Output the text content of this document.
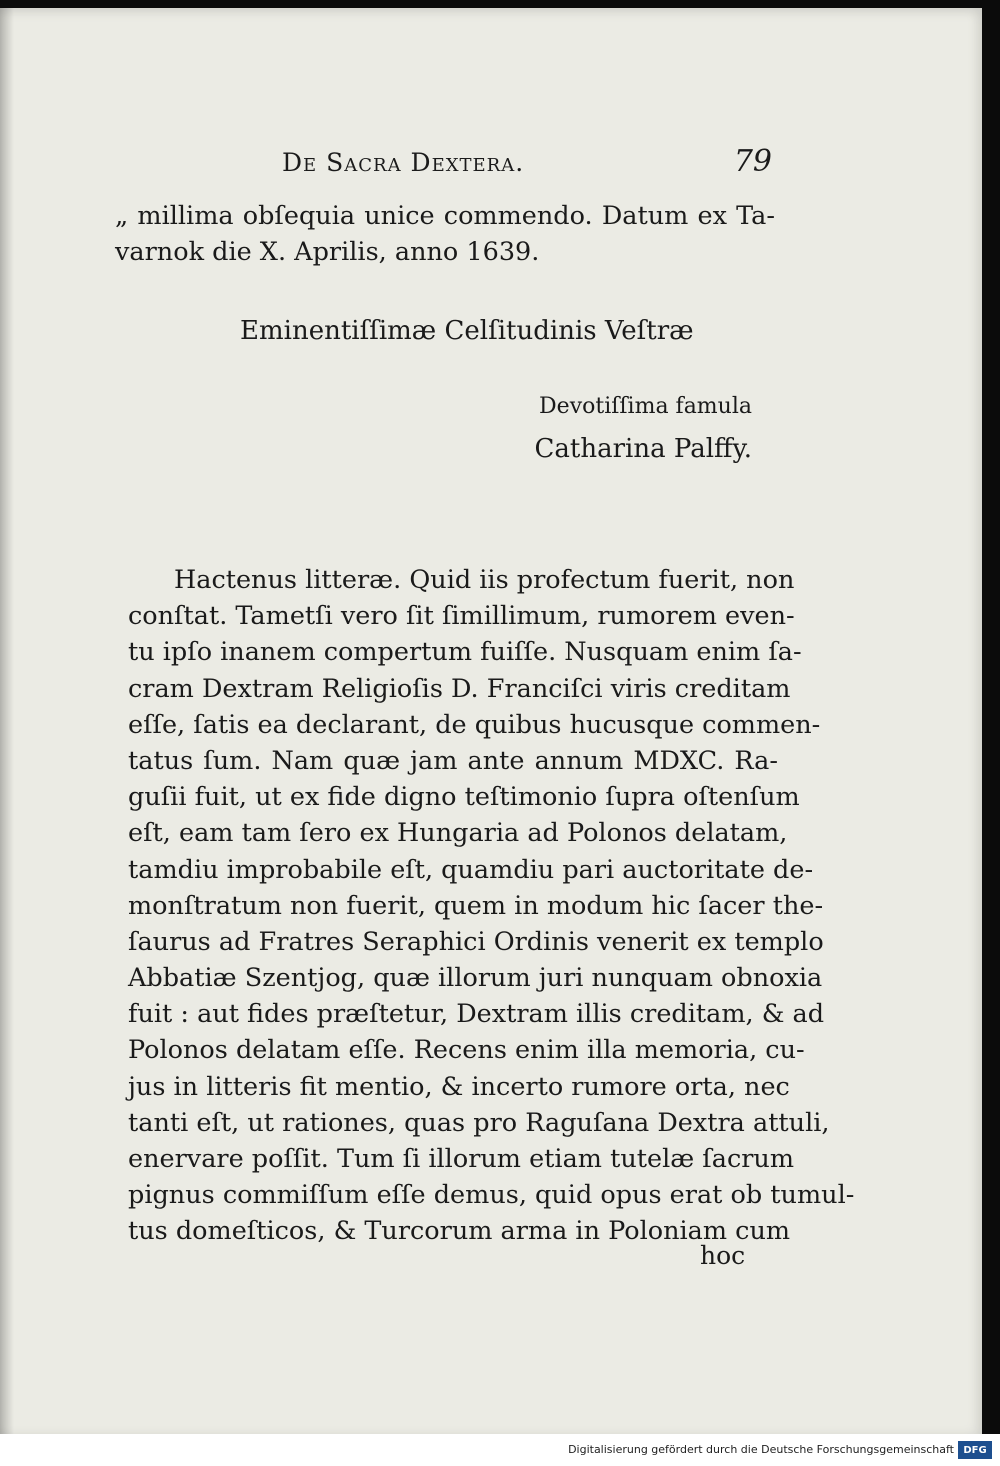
De Sacra Dextera.	79
„ millima obſequia unice commendo. Datum ex Ta-
varnok die X. Aprilis, anno 1639.
Eminentiſſimæ Celſitudinis Veſtræ
Devotiſſima famula
Catharina Palffy.
Hactenus litteræ. Quid iis profectum fuerit, non
conſtat. Tametſi vero ſit ſimillimum, rumorem even-
tu ipſo inanem compertum fuiſſe. Nusquam enim ſa-
cram Dextram Religioſis D. Franciſci viris creditam
eſſe, ſatis ea declarant, de quibus hucusque commen-
tatus ſum. Nam quæ jam ante annum MDXC. Ra-
guſii fuit, ut ex fide digno teſtimonio ſupra oſtenſum
eſt, eam tam ſero ex Hungaria ad Polonos delatam,
tamdiu improbabile eſt, quamdiu pari auctoritate de-
monſtratum non fuerit, quem in modum hic ſacer the-
ſaurus ad Fratres Seraphici Ordinis venerit ex templo
Abbatiæ Szentjog, quæ illorum juri nunquam obnoxia
fuit : aut fides præſtetur, Dextram illis creditam, & ad
Polonos delatam eſſe. Recens enim illa memoria, cu-
jus in litteris fit mentio, & incerto rumore orta, nec
tanti eſt, ut rationes, quas pro Raguſana Dextra attuli,
enervare poſſit. Tum ſi illorum etiam tutelæ ſacrum
pignus commiſſum eſſe demus, quid opus erat ob tumul-
tus domeſticos, & Turcorum arma in Poloniam cum
hoc
Digitalisierung gefördert durch die Deutsche Forschungsgemeinschaft DFG
